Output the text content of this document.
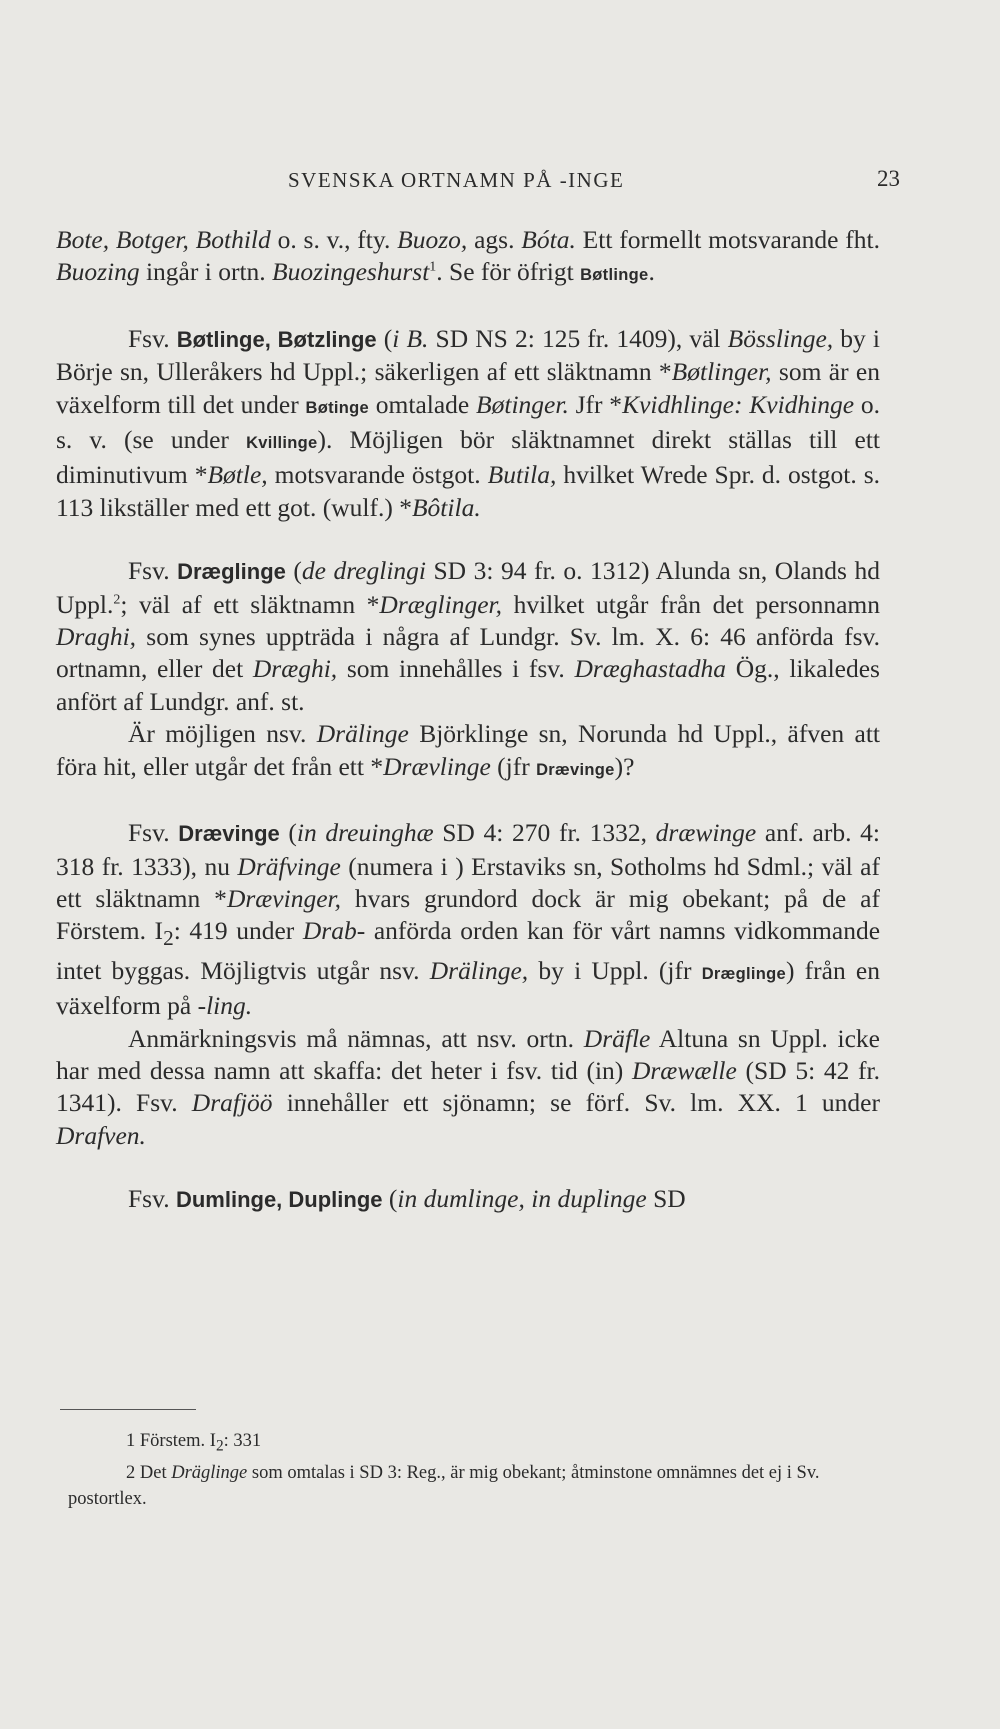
SVENSKA ORTNAMN PÅ -INGE	23

Bote, Botger, Bothild o. s. v., fty. Buozo, ags. Bóta. Ett formellt motsvarande fht. Buozing ingår i ortn. Buozingeshurst$^1$. Se för öfrigt Bøtlinge.

Fsv. Bøtlinge, Bøtzlinge (i B. SD NS 2: 125 fr. 1409), väl Bösslinge, by i Börje sn, Ulleråkers hd Uppl.; säkerligen af ett släktnamn *Bøtlinger, som är en växelform till det under Bøtinge omtalade Bøtinger. Jfr *Kvidhlinge: Kvidhinge o. s. v. (se under Kvillinge). Möjligen bör släktnamnet direkt ställas till ett diminutivum *Bøtle, motsvarande östgot. Butila, hvilket Wrede Spr. d. ostgot. s. 113 likställer med ett got. (wulf.) *Bôtila.

Fsv. Dræglinge (de dreglingi SD 3: 94 fr. o. 1312) Alunda sn, Olands hd Uppl.$^2$; väl af ett släktnamn *Dræglinger, hvilket utgår från det personnamn Draghi, som synes uppträda i några af Lundgr. Sv. lm. X. 6: 46 anförda fsv. ortnamn, eller det Dræghi, som innehålles i fsv. Dræghastadha Ög., likaledes anfört af Lundgr. anf. st.

Är möjligen nsv. Drälinge Björklinge sn, Norunda hd Uppl., äfven att föra hit, eller utgår det från ett *Drævlinge (jfr Drævinge)?

Fsv. Drævinge (in dreuinghæ SD 4: 270 fr. 1332, dræwinge anf. arb. 4: 318 fr. 1333), nu Dräfvinge (numera i ) Erstaviks sn, Sotholms hd Sdml.; väl af ett släktnamn *Drævinger, hvars grundord dock är mig obekant; på de af Förstem. $I_2$: 419 under Drab- anförda orden kan för vårt namns vidkommande intet byggas. Möjligtvis utgår nsv. Drälinge, by i Uppl. (jfr Dræglinge) från en växelform på -ling.

Anmärkningsvis må nämnas, att nsv. ortn. Dräfle Altuna sn Uppl. icke har med dessa namn att skaffa: det heter i fsv. tid (in) Dræwælle (SD 5: 42 fr. 1341). Fsv. Drafjöö innehåller ett sjönamn; se förf. Sv. lm. XX. 1 under Drafven.

Fsv. Dumlinge, Duplinge (in dumlinge, in duplinge SD

1 Förstem. $I_2$: 331

2 Det Dräglinge som omtalas i SD 3: Reg., är mig obekant; åtminstone omnämnes det ej i Sv. postortlex.
